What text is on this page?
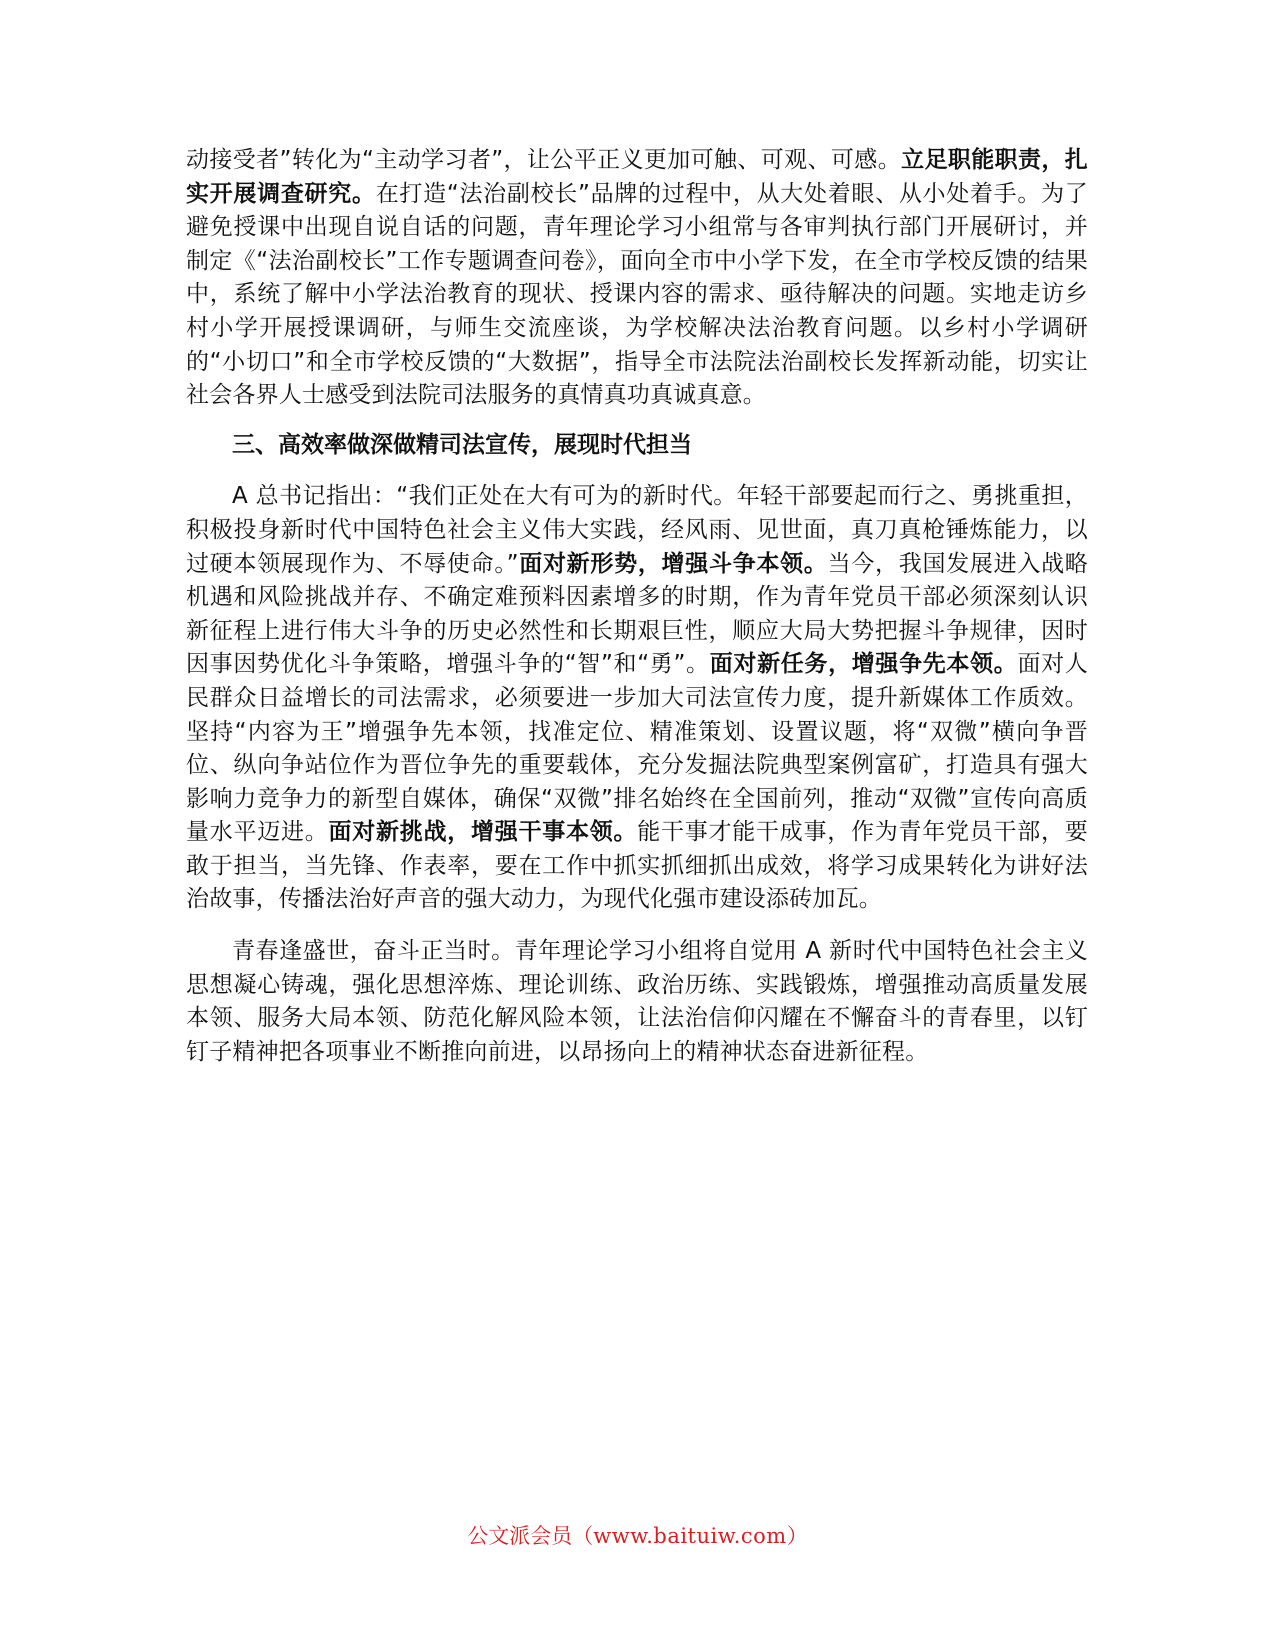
动接受者”转化为“主动学习者”，让公平正义更加可触、可观、可感。立足职能职责，扎实开展调查研究。在打造“法治副校长”品牌的过程中，从大处着眼、从小处着手。为了避免授课中出现自说自话的问题，青年理论学习小组常与各审判执行部门开展研讨，并制定《“法治副校长”工作专题调查问卷》，面向全市中小学下发，在全市学校反馈的结果中，系统了解中小学法治教育的现状、授课内容的需求、亟待解决的问题。实地走访乡村小学开展授课调研，与师生交流座谈，为学校解决法治教育问题。以乡村小学调研的“小切口”和全市学校反馈的“大数据”，指导全市法院法治副校长发挥新动能，切实让社会各界人士感受到法院司法服务的真情真功真诚真意。

三、高效率做深做精司法宣传，展现时代担当

A 总书记指出：“我们正处在大有可为的新时代。年轻干部要起而行之、勇挑重担，积极投身新时代中国特色社会主义伟大实践，经风雨、见世面，真刀真枪锤炼能力，以过硬本领展现作为、不辱使命。”面对新形势，增强斗争本领。当今，我国发展进入战略机遇和风险挑战并存、不确定难预料因素增多的时期，作为青年党员干部必须深刻认识新征程上进行伟大斗争的历史必然性和长期艰巨性，顺应大局大势把握斗争规律，因时因事因势优化斗争策略，增强斗争的“智”和“勇”。面对新任务，增强争先本领。面对人民群众日益增长的司法需求，必须要进一步加大司法宣传力度，提升新媒体工作质效。坚持“内容为王”增强争先本领，找准定位、精准策划、设置议题，将“双微”横向争晋位、纵向争站位作为晋位争先的重要载体，充分发掘法院典型案例富矿，打造具有强大影响力竞争力的新型自媒体，确保“双微”排名始终在全国前列，推动“双微”宣传向高质量水平迈进。面对新挑战，增强干事本领。能干事才能干成事，作为青年党员干部，要敢于担当，当先锋、作表率，要在工作中抓实抓细抓出成效，将学习成果转化为讲好法治故事，传播法治好声音的强大动力，为现代化强市建设添砖加瓦。

青春逢盛世，奋斗正当时。青年理论学习小组将自觉用 A 新时代中国特色社会主义思想凝心铸魂，强化思想淬炼、理论训练、政治历练、实践锻炼，增强推动高质量发展本领、服务大局本领、防范化解风险本领，让法治信仰闪耀在不懈奋斗的青春里，以钉钉子精神把各项事业不断推向前进，以昂扬向上的精神状态奋进新征程。

公文派会员（www.baituiw.com）
